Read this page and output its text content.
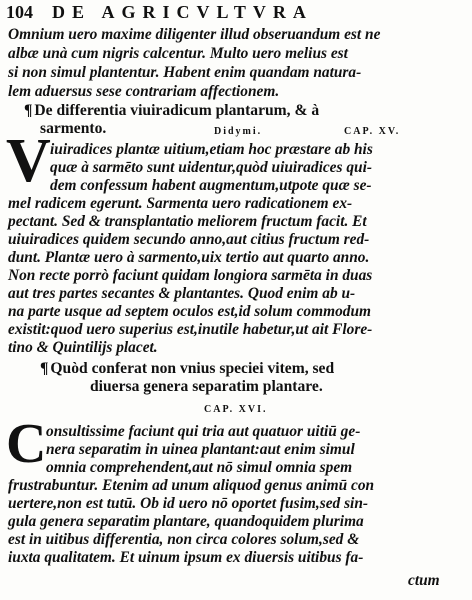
104 DE AGRICVLTVRA
Omnium uero maxime diligenter illud obseruandum est ne
albæ unà cum nigris calcentur. Multo uero melius est
si non simul plantentur. Habent enim quandam natura-
lem aduersus sese contrariam affectionem.
¶ De differentia viuiradicum plantarum, & à
sarmento.	Didymi.	CAP. XV.
V iuiradices plantæ uitium,etiam hoc præstare ab his
quæ à sarmēto sunt uidentur,quòd uiuiradices qui-
dem confessum habent augmentum,utpote quæ se-
mel radicem egerunt. Sarmenta uero radicationem ex-
pectant. Sed & transplantatio meliorem fructum facit. Et
uiuiradices quidem secundo anno,aut citius fructum red-
dunt. Plantæ uero à sarmento,uix tertio aut quarto anno.
Non recte porrò faciunt quidam longiora sarmēta in duas
aut tres partes secantes & plantantes. Quod enim ab u-
na parte usque ad septem oculos est,id solum commodum
existit:quod uero superius est,inutile habetur,ut ait Flore-
tino & Quintilijs placet.
¶ Quòd conferat non vnius speciei vitem, sed
diuersa genera separatim plantare.
CAP. XVI.
C onsultissime faciunt qui tria aut quatuor uitiū ge-
nera separatim in uinea plantant:aut enim simul
omnia comprehendent,aut nō simul omnia spem
frustrabuntur. Etenim ad unum aliquod genus animū con
uertere,non est tutū. Ob id uero nō oportet fusim,sed sin-
gula genera separatim plantare, quandoquidem plurima
est in uitibus differentia, non circa colores solum,sed &
iuxta qualitatem. Et uinum ipsum ex diuersis uitibus fa-
ctum
